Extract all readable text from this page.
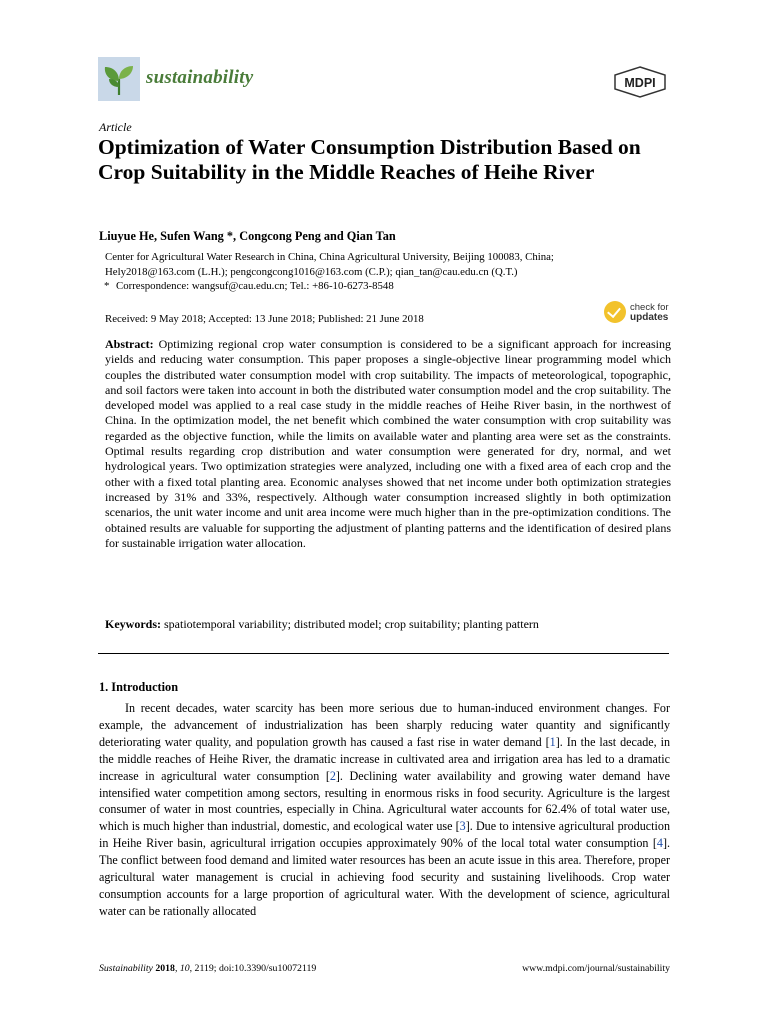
sustainability	MDPI
Article
Optimization of Water Consumption Distribution Based on Crop Suitability in the Middle Reaches of Heihe River
Liuyue He, Sufen Wang *, Congcong Peng and Qian Tan
Center for Agricultural Water Research in China, China Agricultural University, Beijing 100083, China;
Hely2018@163.com (L.H.); pengcongcong1016@163.com (C.P.); qian_tan@cau.edu.cn (Q.T.)
* Correspondence: wangsuf@cau.edu.cn; Tel.: +86-10-6273-8548
check for
updates
Received: 9 May 2018; Accepted: 13 June 2018; Published: 21 June 2018
Abstract: Optimizing regional crop water consumption is considered to be a significant approach for increasing yields and reducing water consumption. This paper proposes a single-objective linear programming model which couples the distributed water consumption model with crop suitability. The impacts of meteorological, topographic, and soil factors were taken into account in both the distributed water consumption model and the crop suitability. The developed model was applied to a real case study in the middle reaches of Heihe River basin, in the northwest of China. In the optimization model, the net benefit which combined the water consumption with crop suitability was regarded as the objective function, while the limits on available water and planting area were set as the constraints. Optimal results regarding crop distribution and water consumption were generated for dry, normal, and wet hydrological years. Two optimization strategies were analyzed, including one with a fixed area of each crop and the other with a fixed total planting area. Economic analyses showed that net income under both optimization strategies increased by 31% and 33%, respectively. Although water consumption increased slightly in both optimization scenarios, the unit water income and unit area income were much higher than in the pre-optimization conditions. The obtained results are valuable for supporting the adjustment of planting patterns and the identification of desired plans for sustainable irrigation water allocation.
Keywords: spatiotemporal variability; distributed model; crop suitability; planting pattern
1. Introduction

In recent decades, water scarcity has been more serious due to human-induced environment changes. For example, the advancement of industrialization has been sharply reducing water quantity and significantly deteriorating water quality, and population growth has caused a fast rise in water demand [1]. In the last decade, in the middle reaches of Heihe River, the dramatic increase in cultivated area and irrigation area has led to a dramatic increase in agricultural water consumption [2]. Declining water availability and growing water demand have intensified water competition among sectors, resulting in enormous risks in food security. Agriculture is the largest consumer of water in most countries, especially in China. Agricultural water accounts for 62.4% of total water use, which is much higher than industrial, domestic, and ecological water use [3]. Due to intensive agricultural production in Heihe River basin, agricultural irrigation occupies approximately 90% of the local total water consumption [4]. The conflict between food demand and limited water resources has been an acute issue in this area. Therefore, proper agricultural water management is crucial in achieving food security and sustaining livelihoods. Crop water consumption accounts for a large proportion of agricultural water. With the development of science, agricultural water can be rationally allocated

Sustainability 2018, 10, 2119; doi:10.3390/su10072119	www.mdpi.com/journal/sustainability
